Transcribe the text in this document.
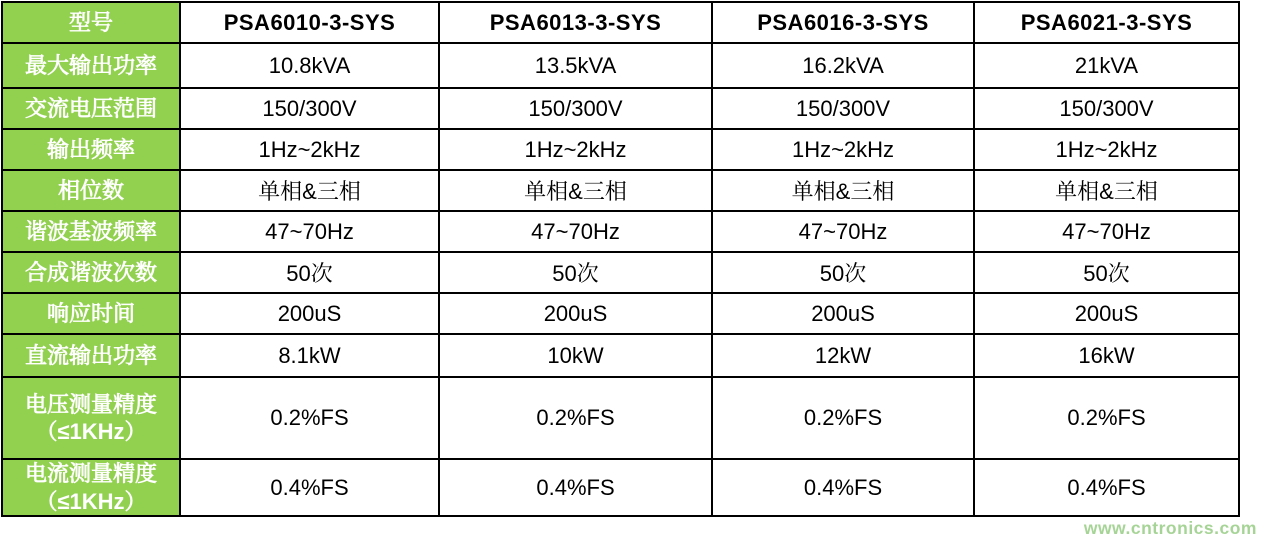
型号	PSA6010-3-SYS	PSA6013-3-SYS	PSA6016-3-SYS	PSA6021-3-SYS

最大输出功率	10.8kVA	13.5kVA	16.2kVA	21kVA

交流电压范围	150/300V	150/300V	150/300V	150/300V

输出频率	1Hz~2kHz	1Hz~2kHz	1Hz~2kHz	1Hz~2kHz

相位数	单相&三相	单相&三相	单相&三相	单相&三相

谐波基波频率	47~70Hz	47~70Hz	47~70Hz	47~70Hz

合成谐波次数	50次	50次	50次	50次

响应时间	200uS	200uS	200uS	200uS

直流输出功率	8.1kW	10kW	12kW	16kW

电压测量精度
（≤1KHz）	0.2%FS	0.2%FS	0.2%FS	0.2%FS

电流测量精度
（≤1KHz）	0.4%FS	0.4%FS	0.4%FS	0.4%FS
www.cntronics.com
